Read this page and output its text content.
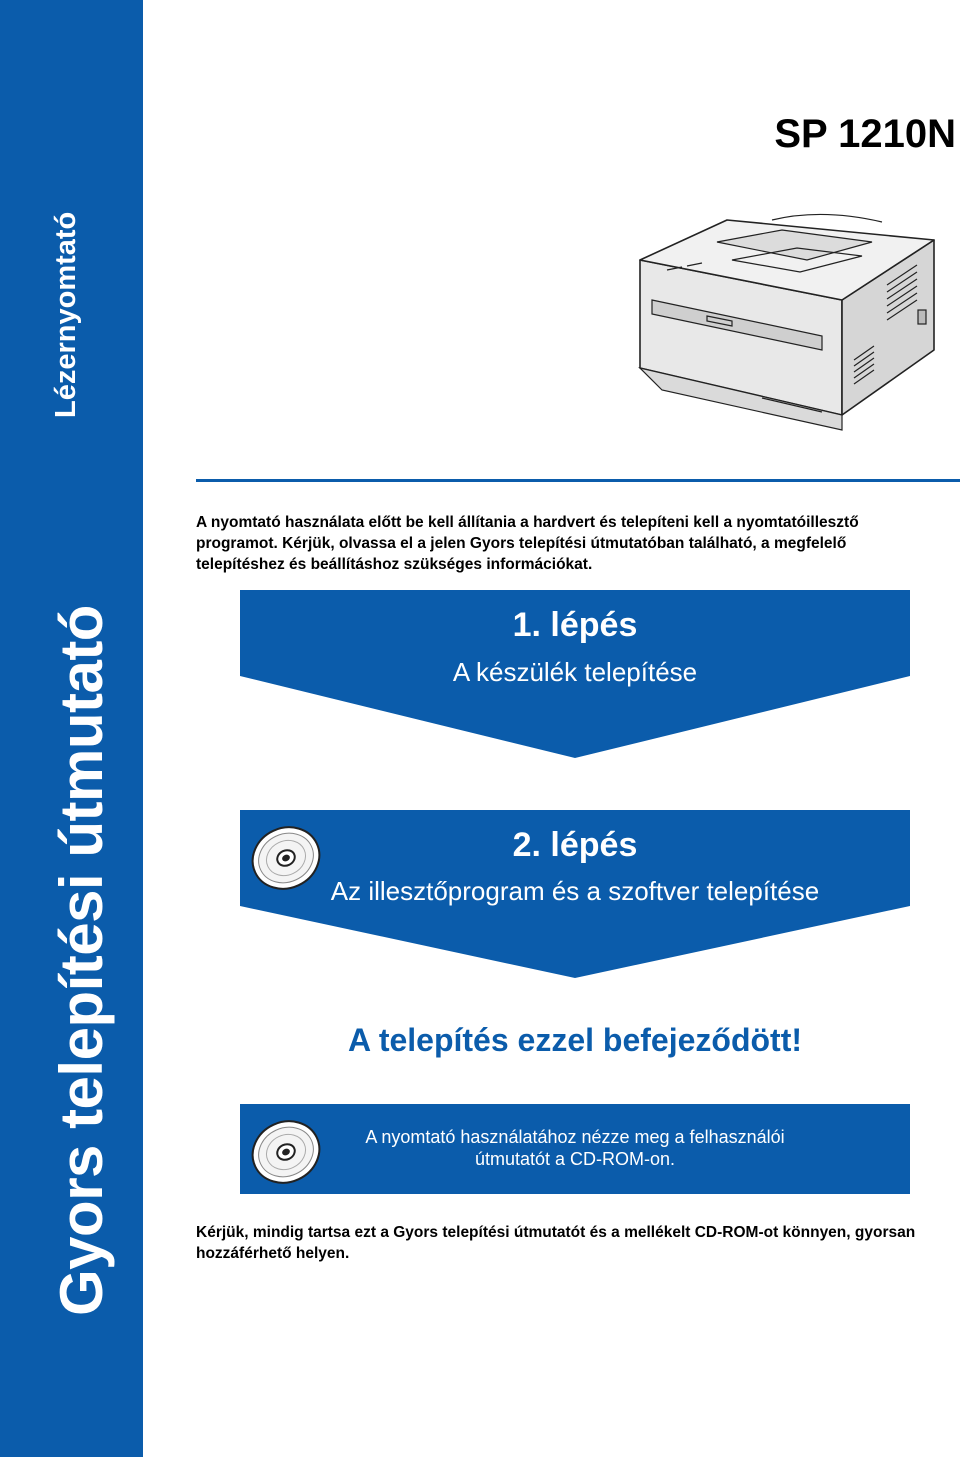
Lézernyomtató
Gyors telepítési útmutató
SP 1210N
A nyomtató használata előtt be kell állítania a hardvert és telepíteni kell a nyomtatóillesztő programot. Kérjük, olvassa el a jelen Gyors telepítési útmutatóban található, a megfelelő telepítéshez és beállításhoz szükséges információkat.
1. lépés
A készülék telepítése
2. lépés
Az illesztőprogram és a szoftver telepítése
A telepítés ezzel befejeződött!
A nyomtató használatához nézze meg a felhasználói
útmutatót a CD-ROM-on.
Kérjük, mindig tartsa ezt a Gyors telepítési útmutatót és a mellékelt CD-ROM-ot könnyen, gyorsan hozzáférhető helyen.
